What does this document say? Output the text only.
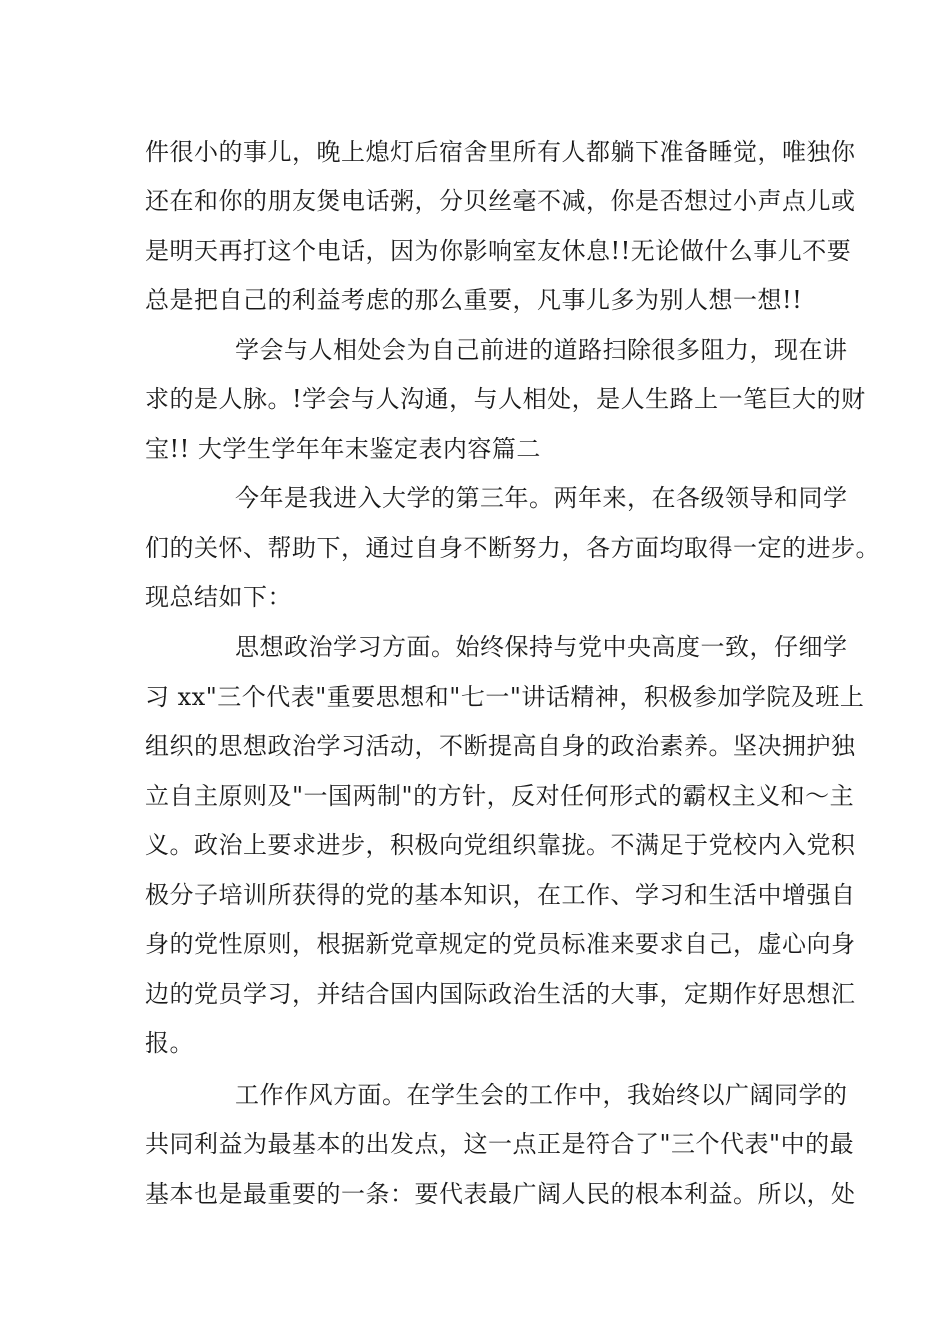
件很小的事儿，晚上熄灯后宿舍里所有人都躺下准备睡觉，唯独你
还在和你的朋友煲电话粥，分贝丝毫不减，你是否想过小声点儿或
是明天再打这个电话，因为你影响室友休息!!无论做什么事儿不要
总是把自己的利益考虑的那么重要，凡事儿多为别人想一想!!
学会与人相处会为自己前进的道路扫除很多阻力，现在讲
求的是人脉。!学会与人沟通，与人相处，是人生路上一笔巨大的财
宝!! 大学生学年年末鉴定表内容篇二
今年是我进入大学的第三年。两年来，在各级领导和同学
们的关怀、帮助下，通过自身不断努力，各方面均取得一定的进步。
现总结如下：
思想政治学习方面。始终保持与党中央高度一致，仔细学
习 xx"三个代表"重要思想和"七一"讲话精神，积极参加学院及班上
组织的思想政治学习活动，不断提高自身的政治素养。坚决拥护独
立自主原则及"一国两制"的方针，反对任何形式的霸权主义和～主
义。政治上要求进步，积极向党组织靠拢。不满足于党校内入党积
极分子培训所获得的党的基本知识，在工作、学习和生活中增强自
身的党性原则，根据新党章规定的党员标准来要求自己，虚心向身
边的党员学习，并结合国内国际政治生活的大事，定期作好思想汇
报。
工作作风方面。在学生会的工作中，我始终以广阔同学的
共同利益为最基本的出发点，这一点正是符合了"三个代表"中的最
基本也是最重要的一条：要代表最广阔人民的根本利益。所以，处
